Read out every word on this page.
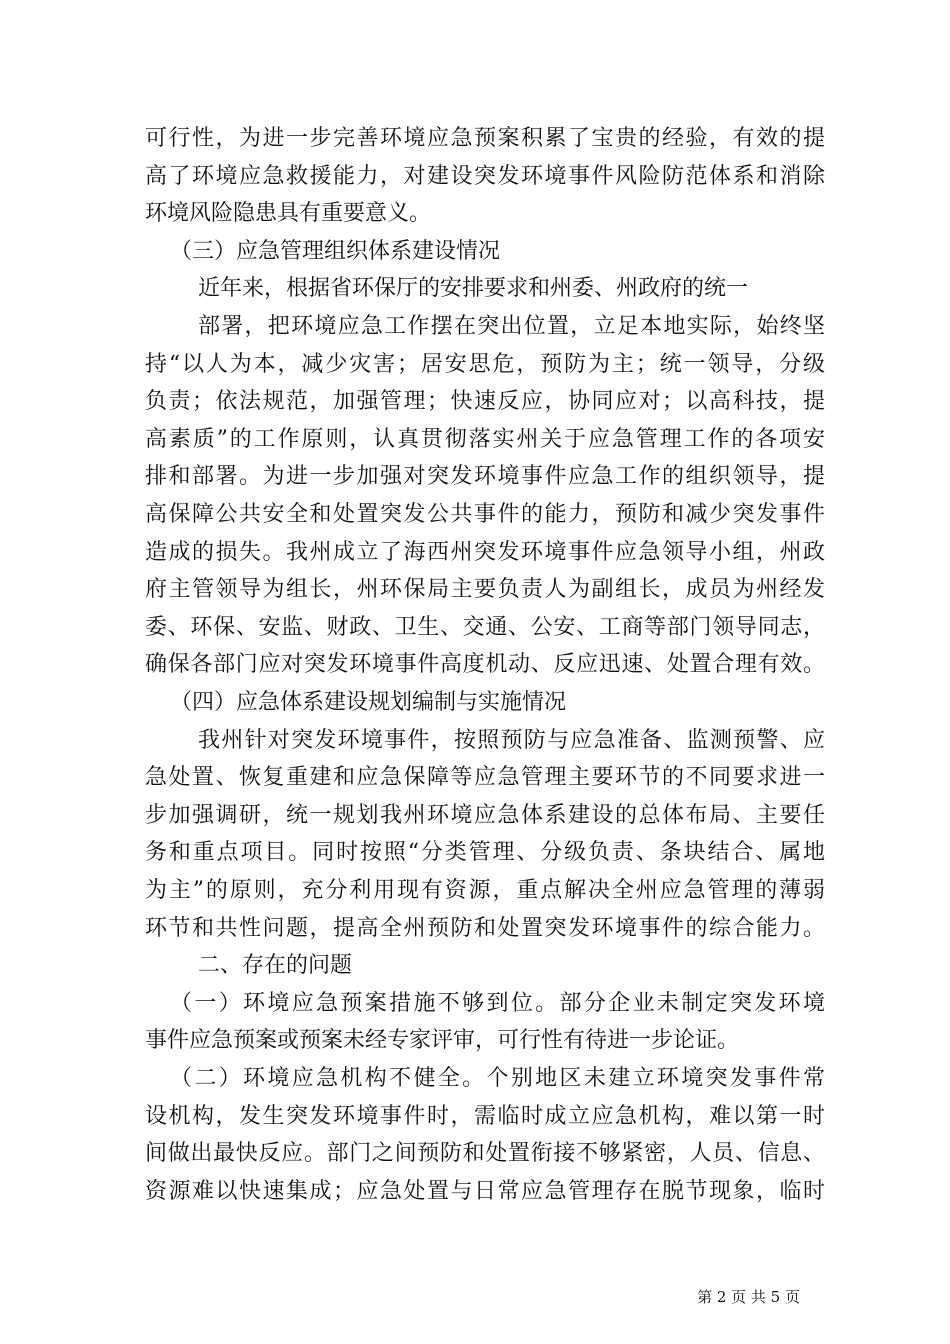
可行性，为进一步完善环境应急预案积累了宝贵的经验，有效的提
高了环境应急救援能力，对建设突发环境事件风险防范体系和消除
环境风险隐患具有重要意义。
（三）应急管理组织体系建设情况
近年来，根据省环保厅的安排要求和州委、州政府的统一
部署，把环境应急工作摆在突出位置，立足本地实际，始终坚
持“以人为本，减少灾害；居安思危，预防为主；统一领导，分级
负责；依法规范，加强管理；快速反应，协同应对；以高科技，提
高素质”的工作原则，认真贯彻落实州关于应急管理工作的各项安
排和部署。为进一步加强对突发环境事件应急工作的组织领导，提
高保障公共安全和处置突发公共事件的能力，预防和减少突发事件
造成的损失。我州成立了海西州突发环境事件应急领导小组，州政
府主管领导为组长，州环保局主要负责人为副组长，成员为州经发
委、环保、安监、财政、卫生、交通、公安、工商等部门领导同志，
确保各部门应对突发环境事件高度机动、反应迅速、处置合理有效。
（四）应急体系建设规划编制与实施情况
我州针对突发环境事件，按照预防与应急准备、监测预警、应
急处置、恢复重建和应急保障等应急管理主要环节的不同要求进一
步加强调研，统一规划我州环境应急体系建设的总体布局、主要任
务和重点项目。同时按照“分类管理、分级负责、条块结合、属地
为主”的原则，充分利用现有资源，重点解决全州应急管理的薄弱
环节和共性问题，提高全州预防和处置突发环境事件的综合能力。
二、存在的问题
（一）环境应急预案措施不够到位。部分企业未制定突发环境
事件应急预案或预案未经专家评审，可行性有待进一步论证。
（二）环境应急机构不健全。个别地区未建立环境突发事件常
设机构，发生突发环境事件时，需临时成立应急机构，难以第一时
间做出最快反应。部门之间预防和处置衔接不够紧密，人员、信息、
资源难以快速集成；应急处置与日常应急管理存在脱节现象，临时
第 2 页 共 5 页
